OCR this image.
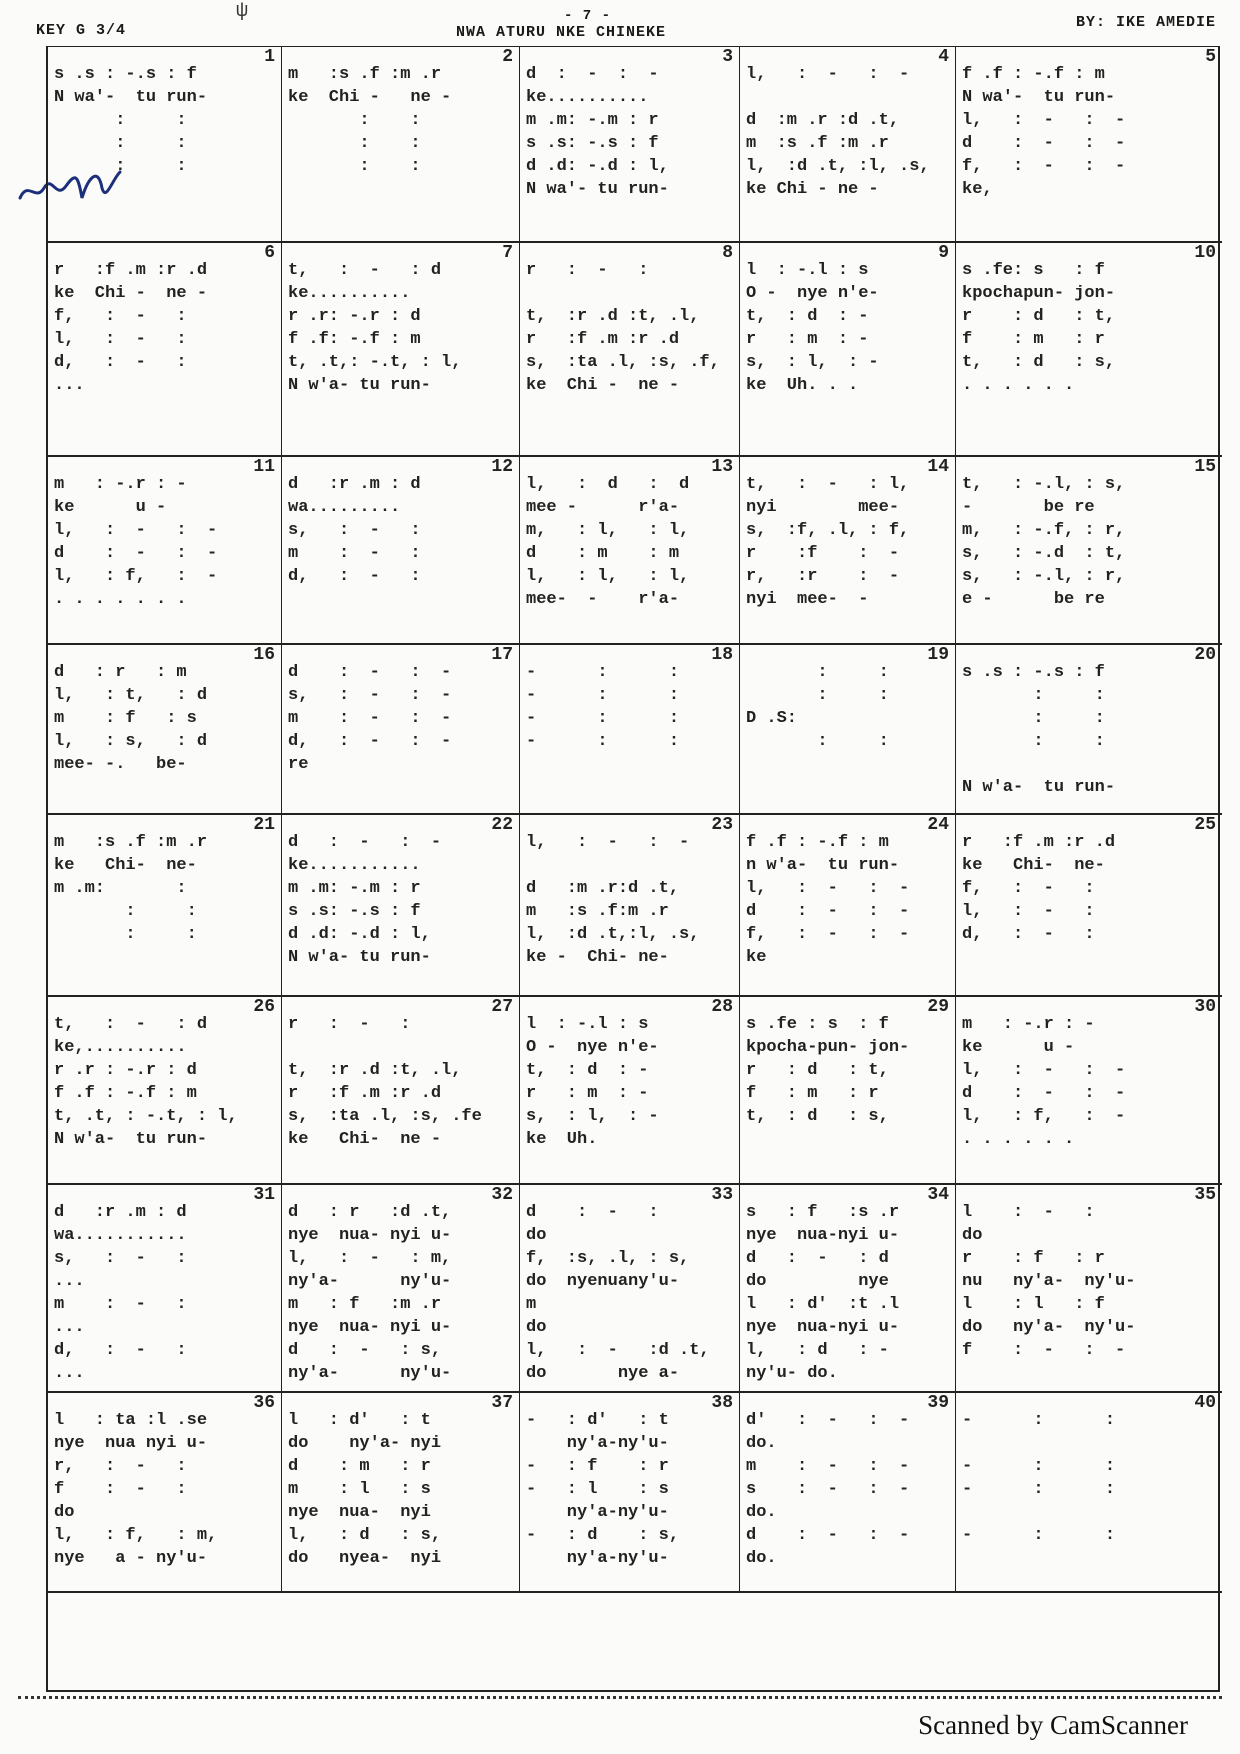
ψ
KEY G 3/4
- 7 -
NWA ATURU NKE CHINEKE
BY: IKE AMEDIE
1
s .s : -.s : f
N wa'-  tu run-
:     :
:     :
:     :
2
m   :s .f :m .r
ke  Chi -   ne -
:    :
:    :
:    :
3
d  :  -  :  -
ke..........
m .m: -.m : r
s .s: -.s : f
d .d: -.d : l,
N wa'- tu run-
4
l,   :  -   :  -

d  :m .r :d .t,
m  :s .f :m .r
l,  :d .t, :l, .s,
ke Chi - ne -
5
f .f : -.f : m
N wa'-  tu run-
l,   :  -   :  -
d    :  -   :  -
f,   :  -   :  -
ke,
6
r   :f .m :r .d
ke  Chi -  ne -
f,   :  -   :
l,   :  -   :
d,   :  -   :
...
7
t,   :  -   : d
ke..........
r .r: -.r : d
f .f: -.f : m
t, .t,: -.t, : l,
N w'a- tu run-
8
r   :  -   :

t,  :r .d :t, .l,
r   :f .m :r .d
s,  :ta .l, :s, .f,
ke  Chi -  ne -
9
l  : -.l : s
O -  nye n'e-
t,  : d  : -
r   : m  : -
s,  : l,  : -
ke  Uh. . .
10
s .fe: s   : f
kpochapun- jon-
r    : d   : t,
f    : m   : r
t,   : d   : s,
. . . . . .
11
m   : -.r : -
ke      u -
l,   :  -   :  -
d    :  -   :  -
l,   : f,   :  -
. . . . . . .
12
d   :r .m : d
wa.........
s,   :  -   :
m    :  -   :
d,   :  -   :
13
l,   :  d   :  d
mee -      r'a-
m,   : l,   : l,
d    : m    : m
l,   : l,   : l,
mee-  -    r'a-
14
t,   :  -   : l,
nyi        mee-
s,  :f, .l, : f,
r    :f    :  -
r,   :r    :  -
nyi  mee-  -
15
t,   : -.l, : s,
-       be re
m,   : -.f, : r,
s,   : -.d  : t,
s,   : -.l, : r,
e -      be re
16
d   : r   : m
l,   : t,   : d
m    : f   : s
l,   : s,   : d
mee- -.   be-
17
d    :  -   :  -
s,   :  -   :  -
m    :  -   :  -
d,   :  -   :  -
re
18
-      :      :
-      :      :
-      :      :
-      :      :
19
:     :
:     :
D .S:
:     :
20
s .s : -.s : f
:     :
:     :
:     :

N w'a-  tu run-
21
m   :s .f :m .r
ke   Chi-  ne-
m .m:       :
:     :
:     :
22
d   :  -   :  -
ke...........
m .m: -.m : r
s .s: -.s : f
d .d: -.d : l,
N w'a- tu run-
23
l,   :  -   :  -

d   :m .r:d .t,
m   :s .f:m .r
l,  :d .t,:l, .s,
ke -  Chi- ne-
24
f .f : -.f : m
n w'a-  tu run-
l,   :  -   :  -
d    :  -   :  -
f,   :  -   :  -
ke
25
r   :f .m :r .d
ke   Chi-  ne-
f,   :  -   :
l,   :  -   :
d,   :  -   :
26
t,   :  -   : d
ke,..........
r .r : -.r : d
f .f : -.f : m
t, .t, : -.t, : l,
N w'a-  tu run-
27
r   :  -   :

t,  :r .d :t, .l,
r   :f .m :r .d
s,  :ta .l, :s, .fe
ke   Chi-  ne -
28
l  : -.l : s
O -  nye n'e-
t,  : d  : -
r   : m  : -
s,  : l,  : -
ke  Uh.
29
s .fe : s  : f
kpocha-pun- jon-
r   : d   : t,
f   : m   : r
t,  : d   : s,
30
m   : -.r : -
ke      u -
l,   :  -   :  -
d    :  -   :  -
l,   : f,   :  -
. . . . . .
31
d   :r .m : d
wa...........
s,   :  -   :
...
m    :  -   :
...
d,   :  -   :
...
32
d   : r   :d .t,
nye  nua- nyi u-
l,   :  -   : m,
ny'a-      ny'u-
m   : f   :m .r
nye  nua- nyi u-
d   :  -   : s,
ny'a-      ny'u-
33
d    :  -   :
do
f,  :s, .l, : s,
do  nyenuany'u-
m
do
l,   :  -   :d .t,
do       nye a-
34
s   : f   :s .r
nye  nua-nyi u-
d   :  -   : d
do         nye
l   : d'  :t .l
nye  nua-nyi u-
l,   : d   : -
ny'u- do.
35
l    :  -   :
do
r    : f   : r
nu   ny'a-  ny'u-
l    : l   : f
do   ny'a-  ny'u-
f    :  -   :  -
36
l   : ta :l .se
nye  nua nyi u-
r,   :  -   :
f    :  -   :
do
l,   : f,   : m,
nye   a - ny'u-
37
l   : d'   : t
do    ny'a- nyi
d    : m   : r
m    : l   : s
nye  nua-  nyi
l,   : d   : s,
do   nyea-  nyi
38
-   : d'   : t
ny'a-ny'u-
-   : f    : r
-   : l    : s
ny'a-ny'u-
-   : d    : s,
ny'a-ny'u-
39
d'   :  -   :  -
do.
m    :  -   :  -
s    :  -   :  -
do.
d    :  -   :  -
do.
40
-      :      :

-      :      :
-      :      :

-      :      :
Scanned by CamScanner
